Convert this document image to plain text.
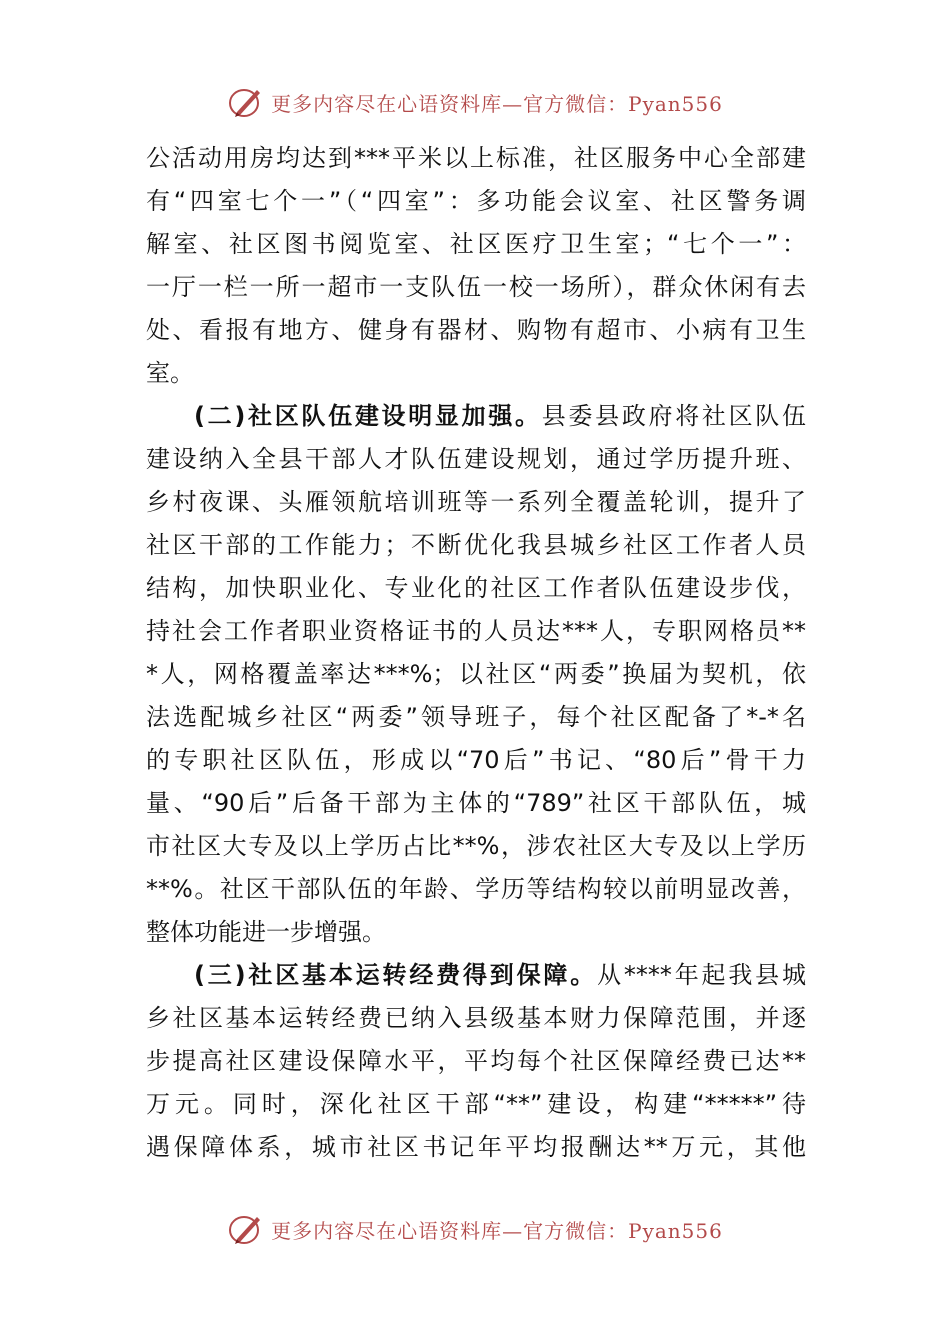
更多内容尽在心语资料库—官方微信：Pyan556
公活动用房均达到***平米以上标准，社区服务中心全部建
有“四室七个一”（“四室”：多功能会议室、社区警务调
解室、社区图书阅览室、社区医疗卫生室；“七个一”：
一厅一栏一所一超市一支队伍一校一场所），群众休闲有去
处、看报有地方、健身有器材、购物有超市、小病有卫生
室。
(二)社区队伍建设明显加强。县委县政府将社区队伍
建设纳入全县干部人才队伍建设规划，通过学历提升班、
乡村夜课、头雁领航培训班等一系列全覆盖轮训，提升了
社区干部的工作能力；不断优化我县城乡社区工作者人员
结构，加快职业化、专业化的社区工作者队伍建设步伐，
持社会工作者职业资格证书的人员达***人，专职网格员**
*人，网格覆盖率达***%；以社区“两委”换届为契机，依
法选配城乡社区“两委”领导班子，每个社区配备了*-*名
的专职社区队伍，形成以“70后”书记、“80后”骨干力
量、“90后”后备干部为主体的“789”社区干部队伍，城
市社区大专及以上学历占比**%，涉农社区大专及以上学历
**%。社区干部队伍的年龄、学历等结构较以前明显改善，
整体功能进一步增强。
(三)社区基本运转经费得到保障。从****年起我县城
乡社区基本运转经费已纳入县级基本财力保障范围，并逐
步提高社区建设保障水平，平均每个社区保障经费已达**
万元。同时，深化社区干部“**”建设，构建“*****”待
遇保障体系，城市社区书记年平均报酬达**万元，其他
更多内容尽在心语资料库—官方微信：Pyan556
